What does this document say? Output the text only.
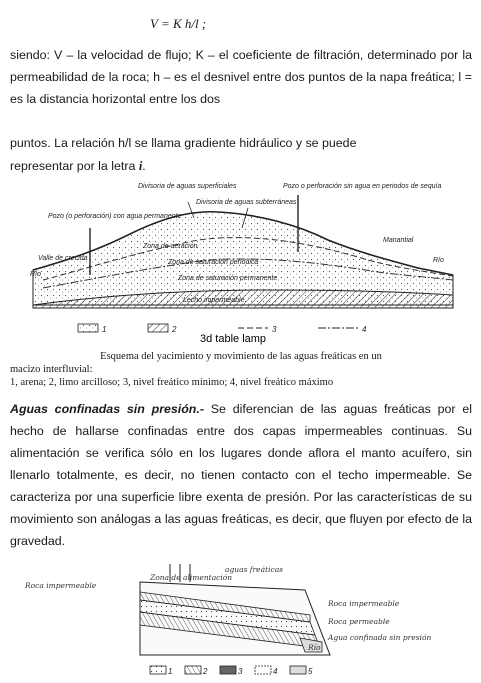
V = K h/l ;
siendo: V – la velocidad de flujo; K – el coeficiente de filtración, determinado por la permeabilidad de la roca; h – es el desnivel entre dos puntos de la napa freática; l = es la distancia horizontal entre los dos
puntos. La relación h/l se llama gradiente hidráulico y se puede
representar por la letra i.
Divisoria de aguas superficiales
Divisoria de aguas subterráneas
Pozo o perforación sin agua en periodos de sequía
Pozo (o perforación) con agua permanente
Manantial
Valle de crecida
Río
Río
Zona de aeración
Zona de saturación periódica
Zona de saturación permanente
Lecho impermeable
1	2	3	4
3d table lamp
Esquema del yacimiento y movimiento de las aguas freáticas en un
macizo interfluvial:
1, arena; 2, limo arcilloso; 3, nivel freático mínimo; 4, nivel freático máximo
Aguas confinadas sin presión.- Se diferencian de las aguas freáticas por el hecho de hallarse confinadas entre dos capas impermeables continuas. Su alimentación se verifica sólo en los lugares donde aflora el manto acuífero, sin llenarlo totalmente, es decir, no tienen contacto con el techo impermeable. Se caracteriza por una superficie libre exenta de presión. Por las características de su movimiento son análogas a las aguas freáticas, es decir, que fluyen por efecto de la gravedad.
Roca impermeable
Zona de alimentación
aguas freáticas
Roca impermeable
Roca permeable
Agua confinada sin presión
Río
1	2	3	4	5
